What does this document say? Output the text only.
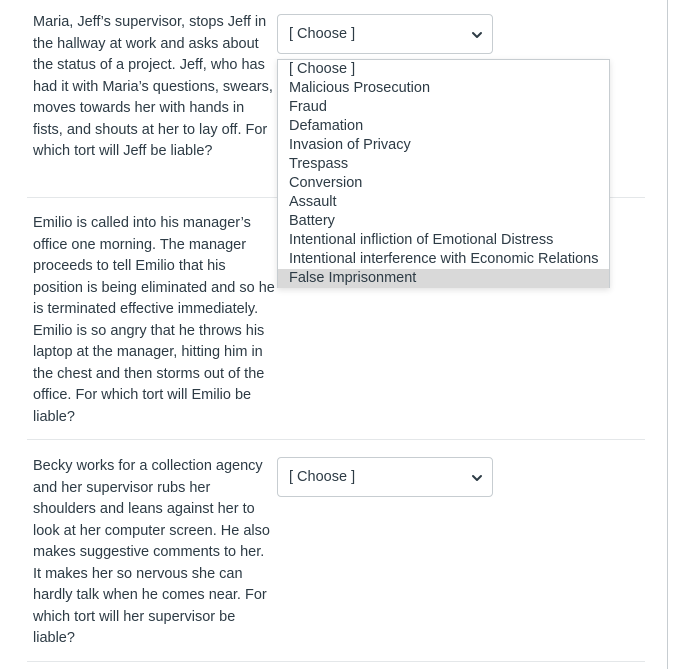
Maria, Jeff’s supervisor, stops Jeff in the hallway at work and asks about the status of a project. Jeff, who has had it with Maria’s questions, swears, moves towards her with hands in fists, and shouts at her to lay off. For which tort will Jeff be liable?
[ Choose ]
Emilio is called into his manager’s office one morning. The manager proceeds to tell Emilio that his position is being eliminated and so he is terminated effective immediately. Emilio is so angry that he throws his laptop at the manager, hitting him in the chest and then storms out of the office. For which tort will Emilio be liable?
Becky works for a collection agency and her supervisor rubs her shoulders and leans against her to look at her computer screen. He also makes suggestive comments to her. It makes her so nervous she can hardly talk when he comes near. For which tort will her supervisor be liable?
[ Choose ]
[ Choose ]
Malicious Prosecution
Fraud
Defamation
Invasion of Privacy
Trespass
Conversion
Assault
Battery
Intentional infliction of Emotional Distress
Intentional interference with Economic Relations
False Imprisonment
